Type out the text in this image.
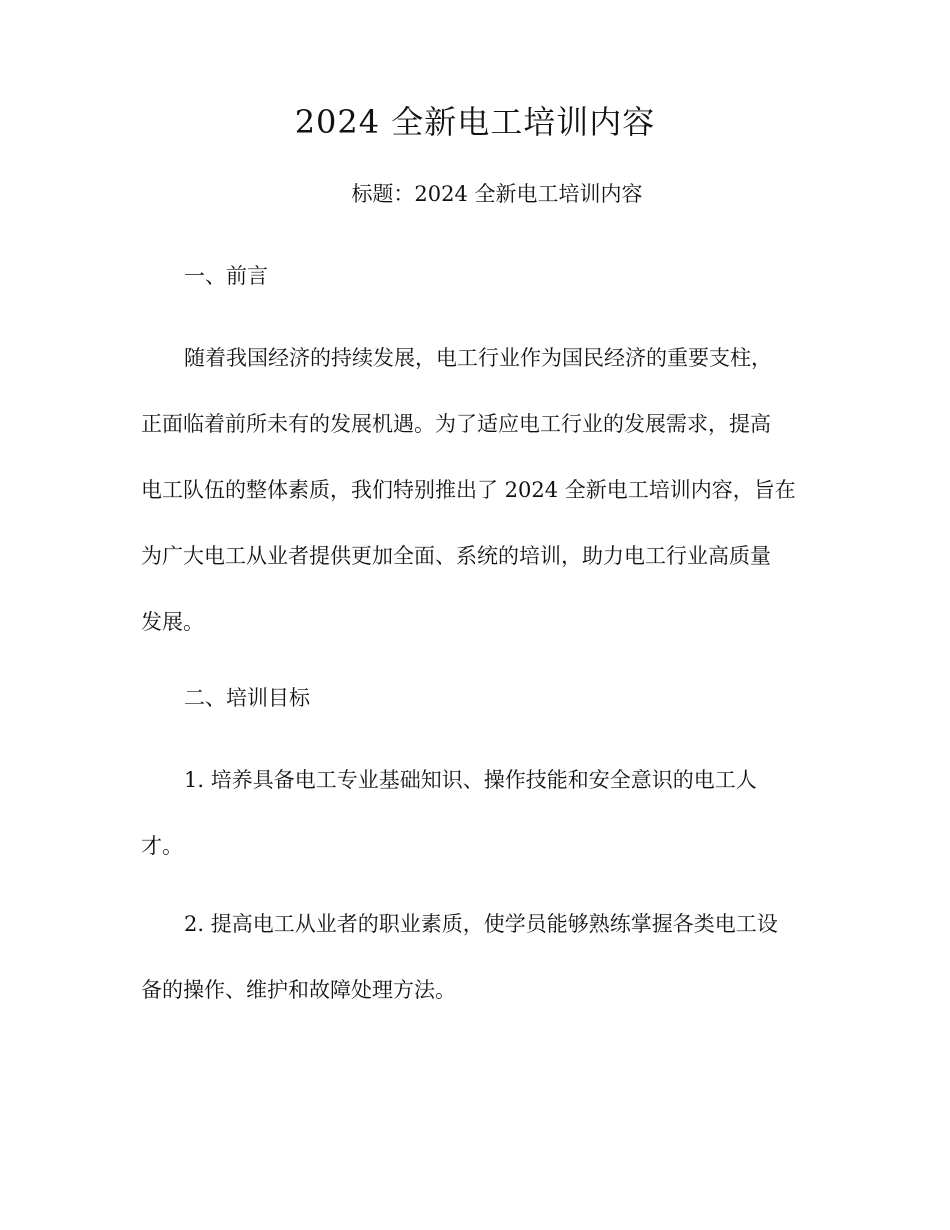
2024 全新电工培训内容

标题：2024 全新电工培训内容

一、前言

随着我国经济的持续发展，电工行业作为国民经济的重要支柱，
正面临着前所未有的发展机遇。为了适应电工行业的发展需求，提高
电工队伍的整体素质，我们特别推出了 2024 全新电工培训内容，旨在
为广大电工从业者提供更加全面、系统的培训，助力电工行业高质量
发展。

二、培训目标

1. 培养具备电工专业基础知识、操作技能和安全意识的电工人
才。
2. 提高电工从业者的职业素质，使学员能够熟练掌握各类电工设
备的操作、维护和故障处理方法。
